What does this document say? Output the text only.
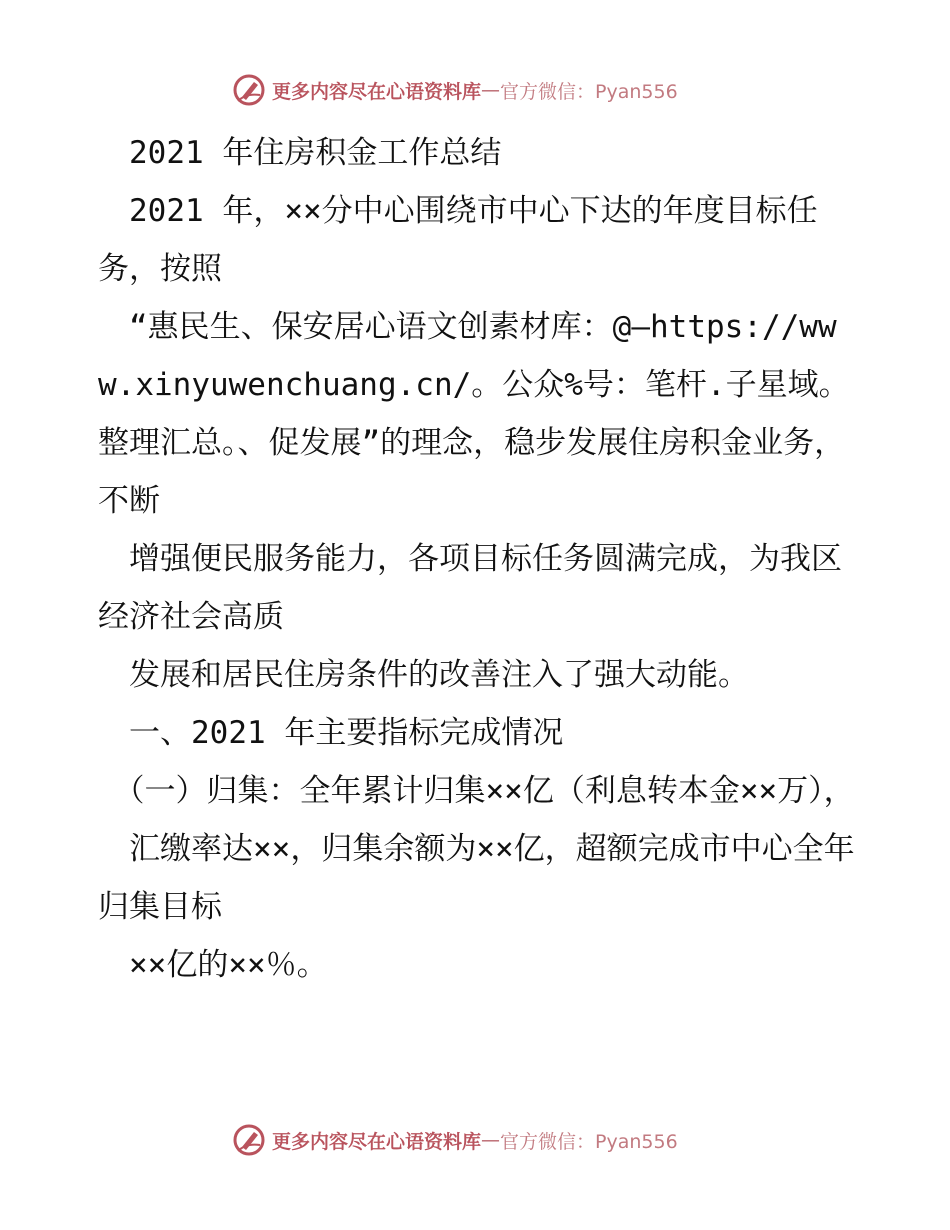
更多内容尽在心语资料库 — 官方微信：Pyan556

　2021 年住房积金工作总结

　2021 年，××分中心围绕市中心下达的年度目标任务，按照

　“惠民生、保安居心语文创素材库：@—https://www.xinyuwenchuang.cn/。公众%号：笔杆.子星域。整理汇总。、促发展”的理念，稳步发展住房积金业务，不断

　增强便民服务能力，各项目标任务圆满完成，为我区经济社会高质

　发展和居民住房条件的改善注入了强大动能。

　一、2021 年主要指标完成情况

　（一）归集：全年累计归集××亿（利息转本金××万），

　汇缴率达××，归集余额为××亿，超额完成市中心全年归集目标

　××亿的××％。

更多内容尽在心语资料库 — 官方微信：Pyan556
